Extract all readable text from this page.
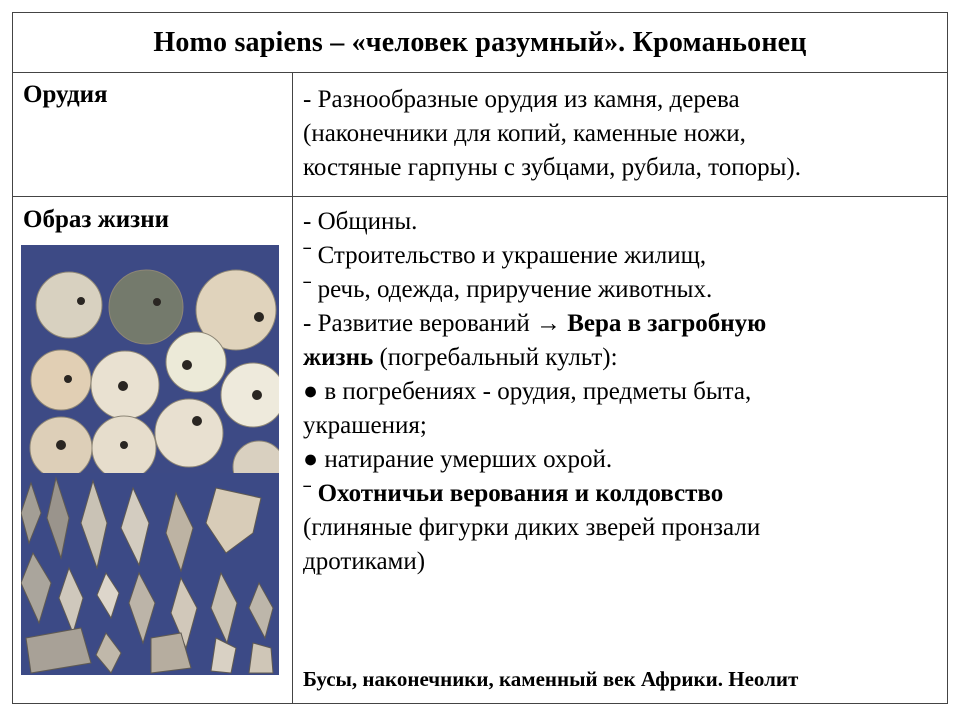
Homo sapiens – «человек разумный». Кроманьонец
Орудия	- Разнообразные орудия из камня, дерева

(наконечники для копий, каменные ножи,

костяные гарпуны с зубцами, рубила, топоры).

Образ жизни	- Общины.

ˉ Строительство и украшение жилищ,

ˉ речь, одежда, приручение животных.

- Развитие верований → Вера в загробную

жизнь (погребальный культ):

● в погребениях - орудия, предметы быта,

украшения;

● натирание умерших охрой.

ˉ Охотничьи верования и колдовство

(глиняные фигурки диких зверей пронзали

дротиками)

Бусы, наконечники, каменный век Африки. Неолит
